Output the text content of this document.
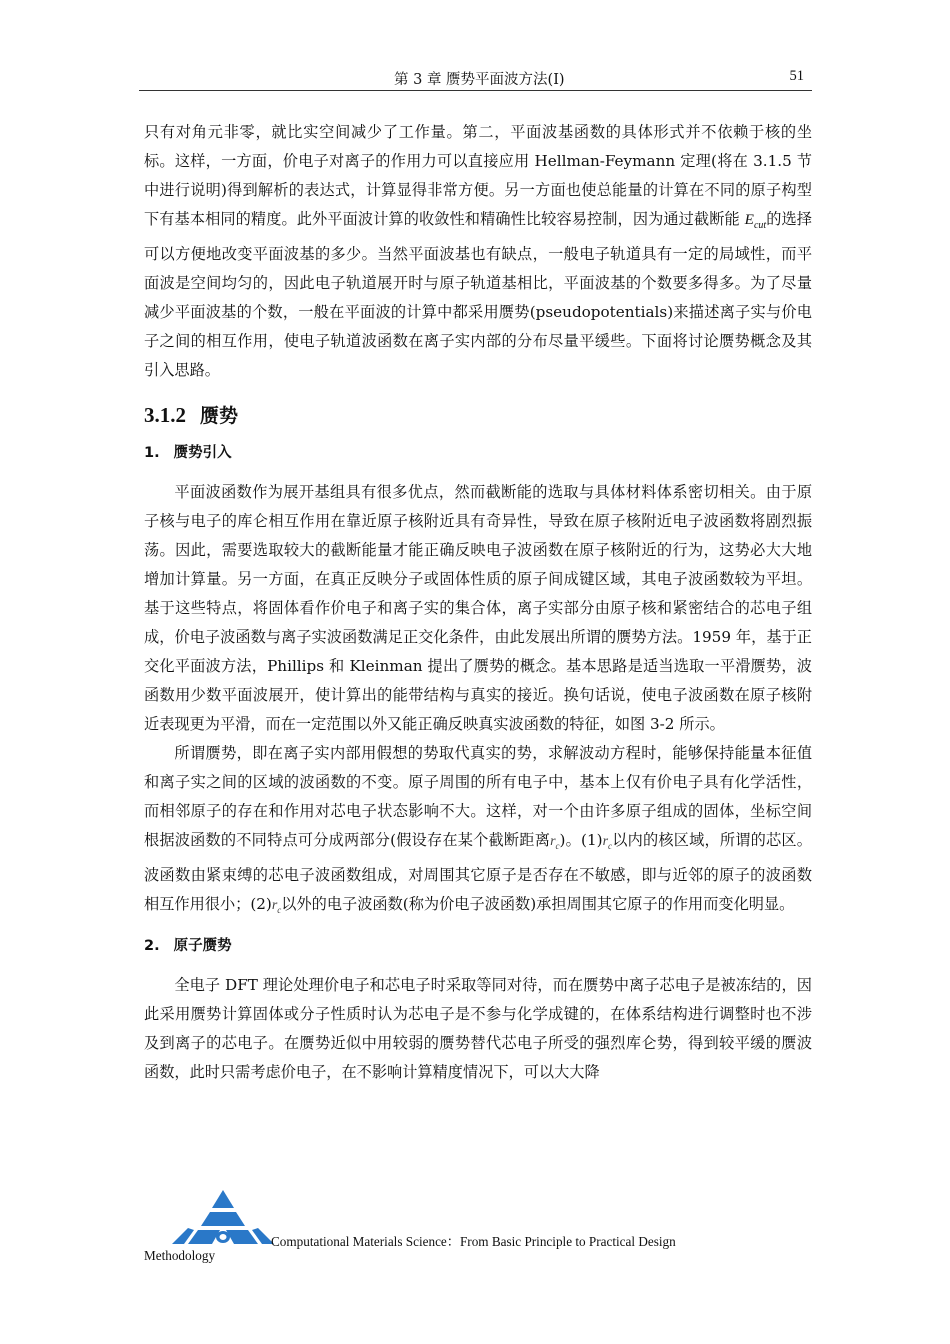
第 3 章 赝势平面波方法(I)	51

只有对角元非零，就比实空间减少了工作量。第二，平面波基函数的具体形式并不依赖于核的坐标。这样，一方面，价电子对离子的作用力可以直接应用 Hellman-Feymann 定理(将在 3.1.5 节中进行说明)得到解析的表达式，计算显得非常方便。另一方面也使总能量的计算在不同的原子构型下有基本相同的精度。此外平面波计算的收敛性和精确性比较容易控制，因为通过截断能 $E_{cut}$的选择可以方便地改变平面波基的多少。当然平面波基也有缺点，一般电子轨道具有一定的局域性，而平面波是空间均匀的，因此电子轨道展开时与原子轨道基相比，平面波基的个数要多得多。为了尽量减少平面波基的个数，一般在平面波的计算中都采用赝势(pseudopotentials)来描述离子实与价电子之间的相互作用，使电子轨道波函数在离子实内部的分布尽量平缓些。下面将讨论赝势概念及其引入思路。

3.1.2 赝势
1. 赝势引入

平面波函数作为展开基组具有很多优点，然而截断能的选取与具体材料体系密切相关。由于原子核与电子的库仑相互作用在靠近原子核附近具有奇异性，导致在原子核附近电子波函数将剧烈振荡。因此，需要选取较大的截断能量才能正确反映电子波函数在原子核附近的行为，这势必大大地增加计算量。另一方面，在真正反映分子或固体性质的原子间成键区域，其电子波函数较为平坦。基于这些特点，将固体看作价电子和离子实的集合体，离子实部分由原子核和紧密结合的芯电子组成，价电子波函数与离子实波函数满足正交化条件，由此发展出所谓的赝势方法。1959 年，基于正交化平面波方法，Phillips 和 Kleinman 提出了赝势的概念。基本思路是适当选取一平滑赝势，波函数用少数平面波展开，使计算出的能带结构与真实的接近。换句话说，使电子波函数在原子核附近表现更为平滑，而在一定范围以外又能正确反映真实波函数的特征，如图 3-2 所示。

所谓赝势，即在离子实内部用假想的势取代真实的势，求解波动方程时，能够保持能量本征值和离子实之间的区域的波函数的不变。原子周围的所有电子中，基本上仅有价电子具有化学活性，而相邻原子的存在和作用对芯电子状态影响不大。这样，对一个由许多原子组成的固体，坐标空间根据波函数的不同特点可分成两部分(假设存在某个截断距离$r_c$)。$(1)r_c$以内的核区域，所谓的芯区。波函数由紧束缚的芯电子波函数组成，对周围其它原子是否存在不敏感，即与近邻的原子的波函数相互作用很小；$(2)r_c$以外的电子波函数(称为价电子波函数)承担周围其它原子的作用而变化明显。

2. 原子赝势

全电子 DFT 理论处理价电子和芯电子时采取等同对待，而在赝势中离子芯电子是被冻结的，因此采用赝势计算固体或分子性质时认为芯电子是不参与化学成键的，在体系结构进行调整时也不涉及到离子的芯电子。在赝势近似中用较弱的赝势替代芯电子所受的强烈库仑势，得到较平缓的赝波函数，此时只需考虑价电子，在不影响计算精度情况下，可以大大降

Computational Materials Science：From Basic Principle to Practical Design
Methodology
